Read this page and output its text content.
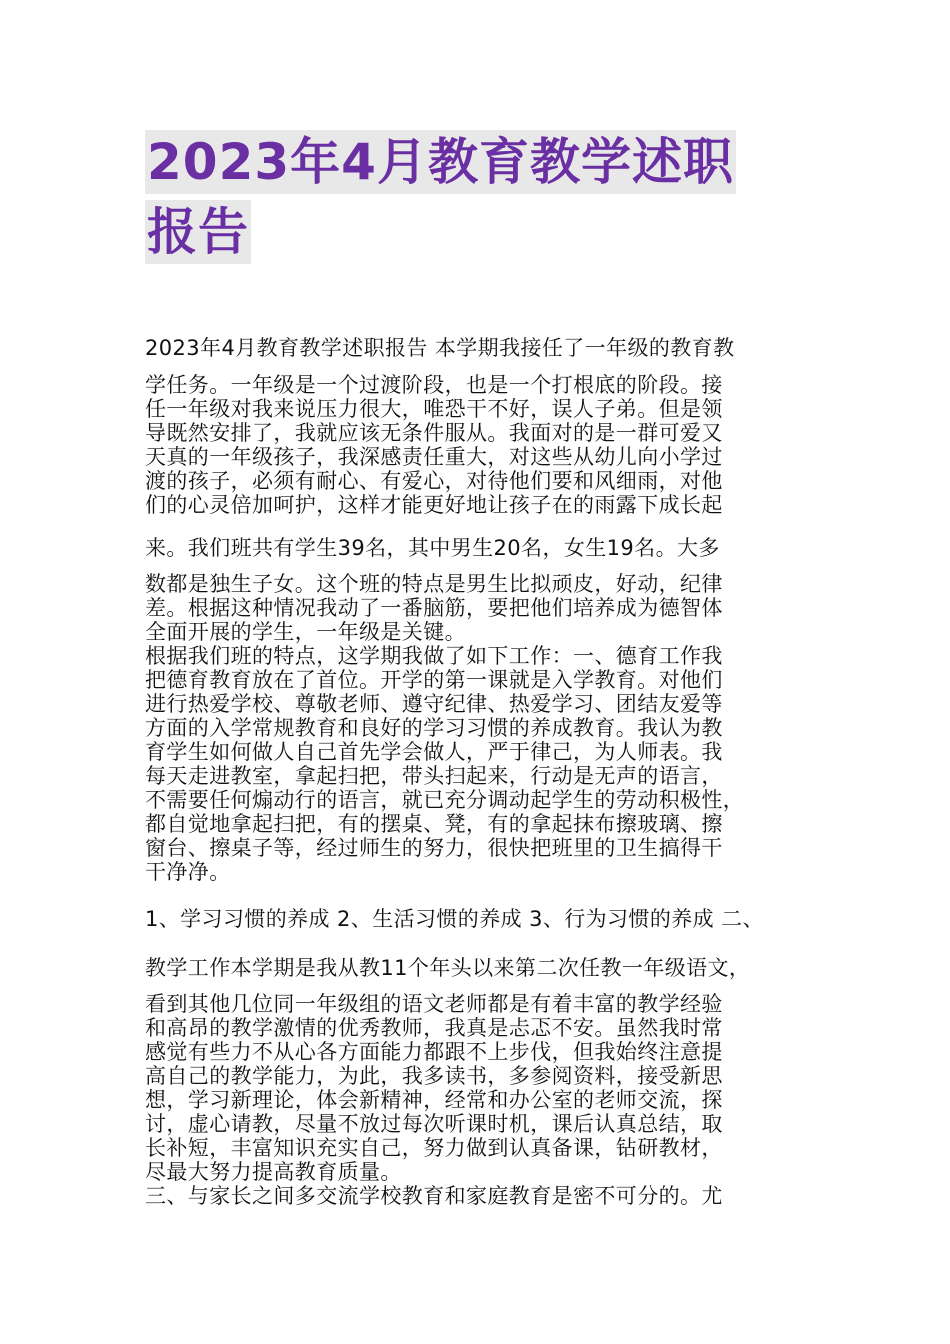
2023年4月教育教学述职
报告
2023年4月教育教学述职报告 本学期我接任了一年级的教育教
学任务。一年级是一个过渡阶段，也是一个打根底的阶段。接
任一年级对我来说压力很大，唯恐干不好，误人子弟。但是领
导既然安排了，我就应该无条件服从。我面对的是一群可爱又
天真的一年级孩子，我深感责任重大，对这些从幼儿向小学过
渡的孩子，必须有耐心、有爱心，对待他们要和风细雨，对他
们的心灵倍加呵护，这样才能更好地让孩子在的雨露下成长起
来。我们班共有学生39名，其中男生20名，女生19名。大多
数都是独生子女。这个班的特点是男生比拟顽皮，好动，纪律
差。根据这种情况我动了一番脑筋，要把他们培养成为德智体
全面开展的学生，一年级是关键。
根据我们班的特点，这学期我做了如下工作：一、德育工作我
把德育教育放在了首位。开学的第一课就是入学教育。对他们
进行热爱学校、尊敬老师、遵守纪律、热爱学习、团结友爱等
方面的入学常规教育和良好的学习习惯的养成教育。我认为教
育学生如何做人自己首先学会做人，严于律己，为人师表。我
每天走进教室，拿起扫把，带头扫起来，行动是无声的语言，
不需要任何煽动行的语言，就已充分调动起学生的劳动积极性，
都自觉地拿起扫把，有的摆桌、凳，有的拿起抹布擦玻璃、擦
窗台、擦桌子等，经过师生的努力，很快把班里的卫生搞得干
干净净。
1、学习习惯的养成 2、生活习惯的养成 3、行为习惯的养成 二、
教学工作本学期是我从教11个年头以来第二次任教一年级语文，
看到其他几位同一年级组的语文老师都是有着丰富的教学经验
和高昂的教学激情的优秀教师，我真是忐忑不安。虽然我时常
感觉有些力不从心各方面能力都跟不上步伐，但我始终注意提
高自己的教学能力，为此，我多读书，多参阅资料，接受新思
想，学习新理论，体会新精神，经常和办公室的老师交流，探
讨，虚心请教，尽量不放过每次听课时机，课后认真总结，取
长补短，丰富知识充实自己，努力做到认真备课，钻研教材，
尽最大努力提高教育质量。
三、与家长之间多交流学校教育和家庭教育是密不可分的。尤
